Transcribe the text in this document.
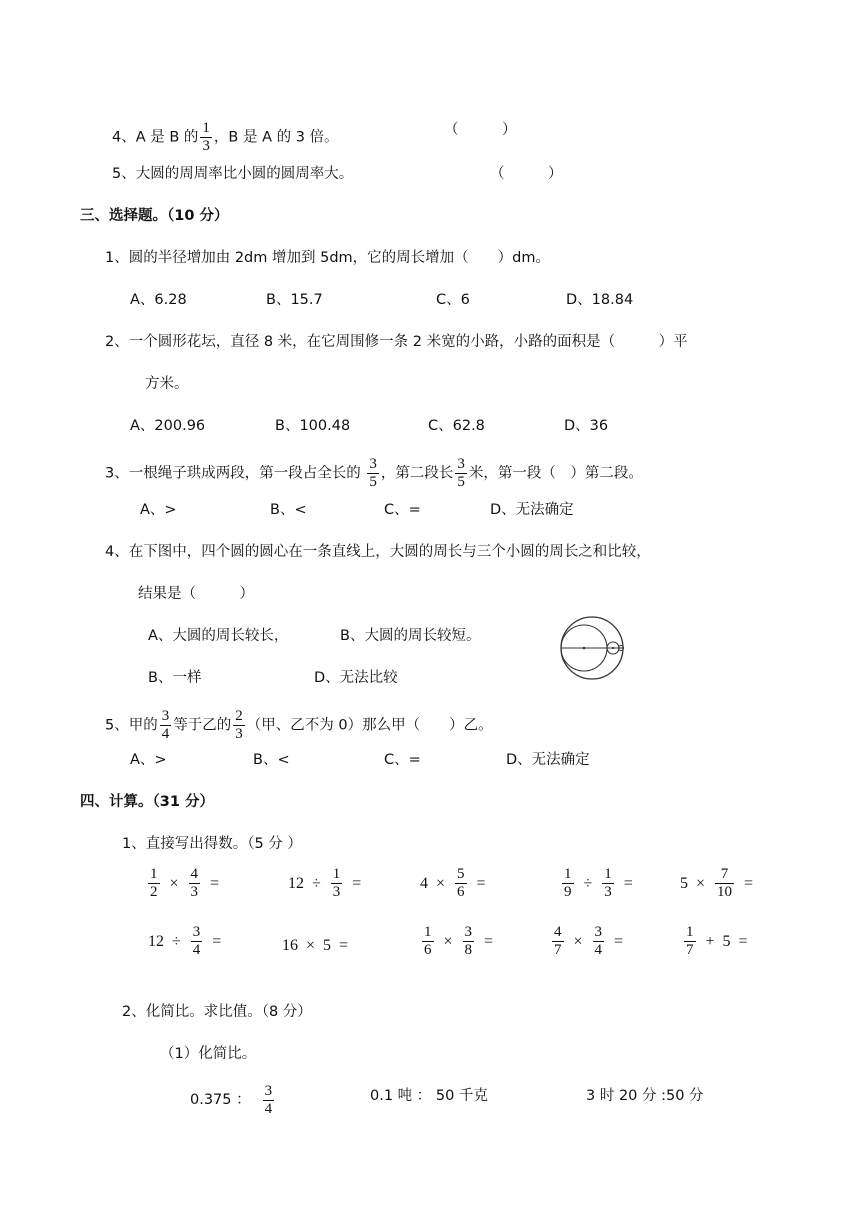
4、A 是 B 的 $\frac{1}{3}$ ，B 是 A 的 3 倍。	（　　　）
5、大圆的周周率比小圆的圆周率大。	（　　　）
三、选择题。（10 分）
1、圆的半径增加由 2dm 增加到 5dm，它的周长增加（　　）dm。
A、6.28	B、15.7	C、6	D、18.84
2、一个圆形花坛，直径 8 米，在它周围修一条 2 米宽的小路，小路的面积是（　　　）平
方米。
A、200.96	B、100.48	C、62.8	D、36
3、一根绳子珙成两段，第一段占全长的 $\frac{3}{5}$ ，第二段长 $\frac{3}{5}$ 米，第一段（　）第二段。
A、>	B、<	C、=	D、无法确定
4、在下图中，四个圆的圆心在一条直线上，大圆的周长与三个小圆的周长之和比较，
结果是（　　　）
A、大圆的周长较长，	B、大圆的周长较短。
B、一样	D、无法比较
5、甲的 $\frac{3}{4}$ 等于乙的 $\frac{2}{3}$ （甲、乙不为 0）那么甲（　　）乙。
A、>	B、<	C、=	D、无法确定
四、计算。（31 分）
1、直接写出得数。（5 分 ）
$\frac{1}{2} \times \frac{4}{3}$ =	$12 \div \frac{1}{3}$ =	$4 \times \frac{5}{6}$ =	$\frac{1}{9} \div \frac{1}{3}$ =	$5 \times \frac{7}{10}$ =
$12 \div \frac{3}{4}$ =	16 × 5 =	$\frac{1}{6} \times \frac{3}{8}$ =	$\frac{4}{7} \times \frac{3}{4}$ =	$\frac{1}{7} + 5$ =
2、化简比。求比值。（8 分）
（1）化简比。
0.375 ： $\frac{3}{4}$	0.1 吨 ： 50 千克	3 时 20 分 :50 分
